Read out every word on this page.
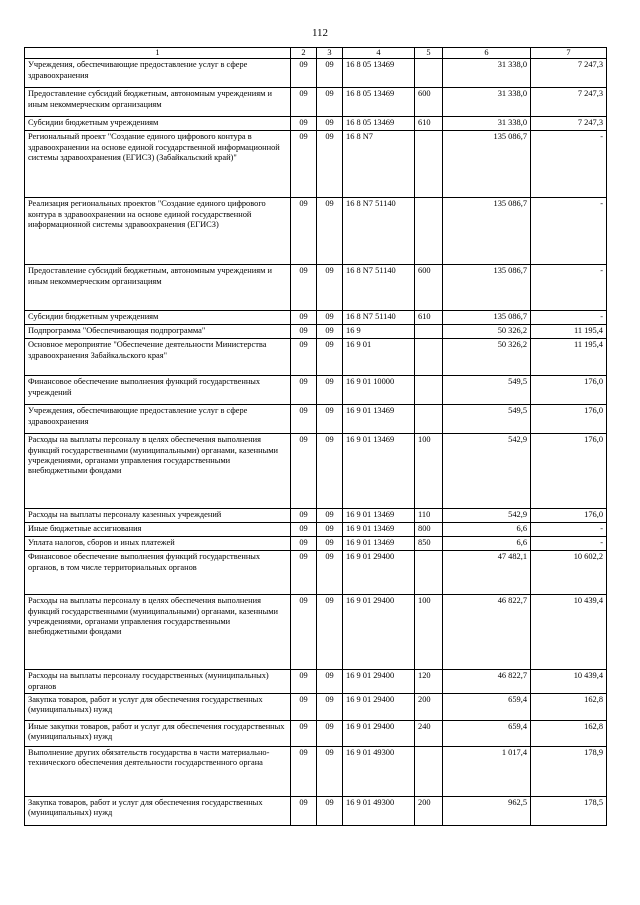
112
1	2	3	4	5	6	7
Учреждения, обеспечивающие предоставление услуг в сфере здравоохранения	09	09	16 8 05 13469		31 338,0	7 247,3
Предоставление субсидий бюджетным, автономным учреждениям и иным некоммерческим организациям	09	09	16 8 05 13469	600	31 338,0	7 247,3
Субсидии бюджетным учреждениям	09	09	16 8 05 13469	610	31 338,0	7 247,3
Региональный проект "Создание единого цифрового контура в здравоохранении на основе единой государственной информационной системы здравоохранения (ЕГИСЗ) (Забайкальский край)"	09	09	16 8 N7		135 086,7	-
Реализация региональных проектов "Создание единого цифрового контура в здравоохранении на основе единой государственной информационной системы здравоохранения (ЕГИСЗ)	09	09	16 8 N7 51140		135 086,7	-
Предоставление субсидий бюджетным, автономным учреждениям и иным некоммерческим организациям	09	09	16 8 N7 51140	600	135 086,7	-
Субсидии бюджетным учреждениям	09	09	16 8 N7 51140	610	135 086,7	-
Подпрограмма "Обеспечивающая подпрограмма"	09	09	16 9		50 326,2	11 195,4
Основное мероприятие "Обеспечение деятельности Министерства здравоохранения Забайкальского края"	09	09	16 9 01		50 326,2	11 195,4
Финансовое обеспечение выполнения функций государственных учреждений	09	09	16 9 01 10000		549,5	176,0
Учреждения, обеспечивающие предоставление услуг в сфере здравоохранения	09	09	16 9 01 13469		549,5	176,0
Расходы на выплаты персоналу в целях обеспечения выполнения функций государственными (муниципальными) органами, казенными учреждениями, органами управления государственными внебюджетными фондами	09	09	16 9 01 13469	100	542,9	176,0
Расходы на выплаты персоналу казенных учреждений	09	09	16 9 01 13469	110	542,9	176,0
Иные бюджетные ассигнования	09	09	16 9 01 13469	800	6,6	-
Уплата налогов, сборов и иных платежей	09	09	16 9 01 13469	850	6,6	-
Финансовое обеспечение выполнения функций государственных органов, в том числе территориальных органов	09	09	16 9 01 29400		47 482,1	10 602,2
Расходы на выплаты персоналу в целях обеспечения выполнения функций государственными (муниципальными) органами, казенными учреждениями, органами управления государственными внебюджетными фондами	09	09	16 9 01 29400	100	46 822,7	10 439,4
Расходы на выплаты персоналу государственных (муниципальных) органов	09	09	16 9 01 29400	120	46 822,7	10 439,4
Закупка товаров, работ и услуг для обеспечения государственных (муниципальных) нужд	09	09	16 9 01 29400	200	659,4	162,8
Иные закупки товаров, работ и услуг для обеспечения государственных (муниципальных) нужд	09	09	16 9 01 29400	240	659,4	162,8
Выполнение других обязательств государства в части материально-технического обеспечения деятельности государственного органа	09	09	16 9 01 49300		1 017,4	178,9
Закупка товаров, работ и услуг для обеспечения государственных (муниципальных) нужд	09	09	16 9 01 49300	200	962,5	178,5
